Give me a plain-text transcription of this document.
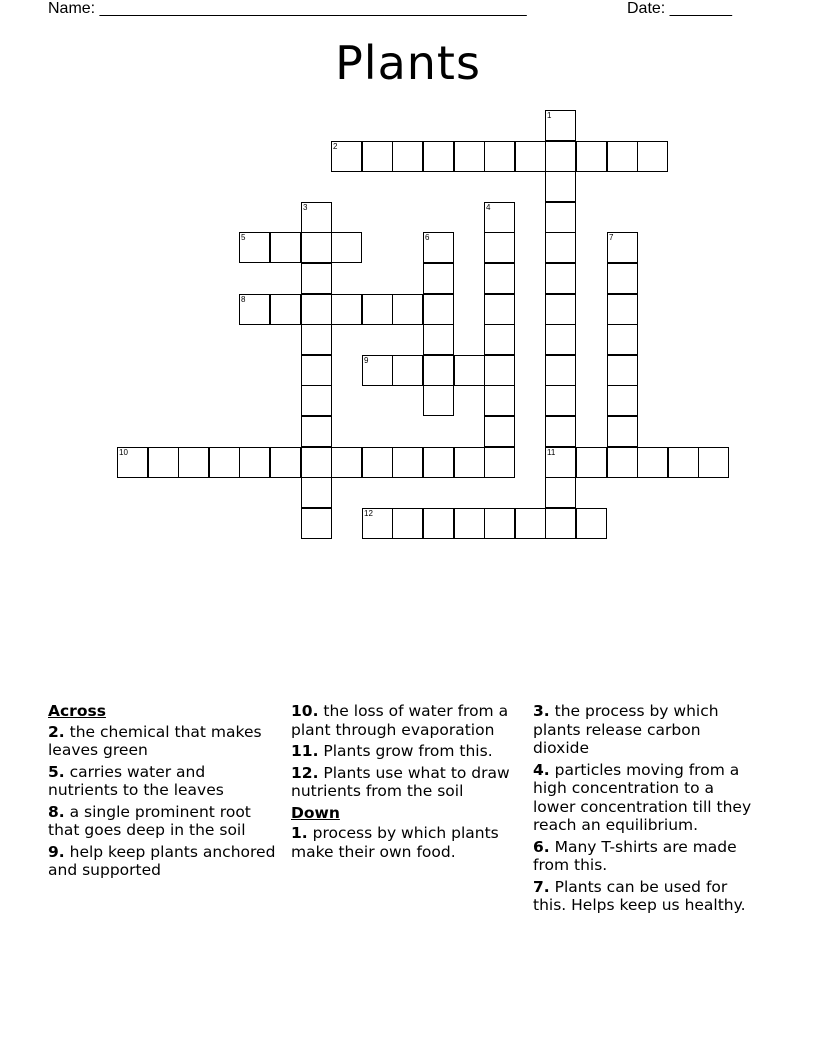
Name: ________________________________________________	Date: _______
Plants
1
11
2
3	4
5	6	7
8
9
10
12
Across
2. the chemical that makes leaves green
5. carries water and nutrients to the leaves
8. a single prominent root that goes deep in the soil
9. help keep plants anchored and supported
10. the loss of water from a plant through evaporation
11. Plants grow from this.
12. Plants use what to draw nutrients from the soil
Down
1. process by which plants make their own food.
3. the process by which plants release carbon dioxide
4. particles moving from a high concentration to a lower concentration till they reach an equilibrium.
6. Many T-shirts are made from this.
7. Plants can be used for this. Helps keep us healthy.
